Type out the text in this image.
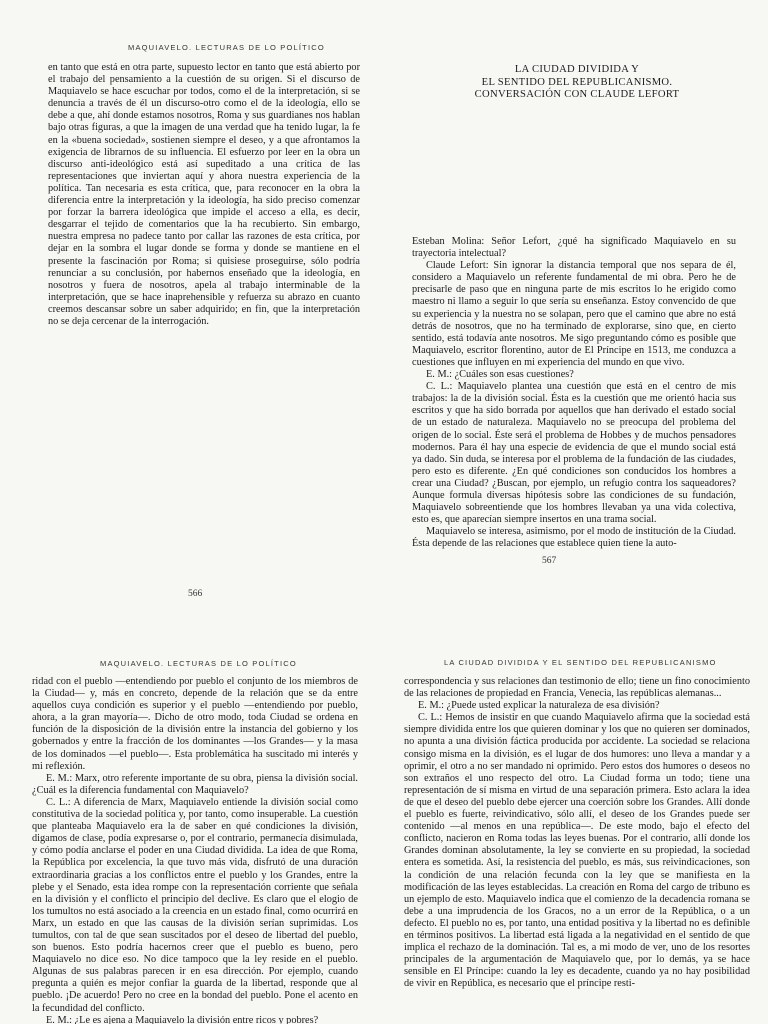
MAQUIAVELO. LECTURAS DE LO POLÍTICO

en tanto que está en otra parte, supuesto lector en tanto que está abierto por el trabajo del pensamiento a la cuestión de su origen. Si el discurso de Maquiavelo se hace escuchar por todos, como el de la interpretación, si se denuncia a través de él un discurso-otro como el de la ideología, ello se debe a que, ahí donde estamos nosotros, Roma y sus guardianes nos hablan bajo otras figuras, a que la imagen de una verdad que ha tenido lugar, la fe en la «buena sociedad», sostienen siempre el deseo, y a que afrontamos la exigencia de librarnos de su influencia. El esfuerzo por leer en la obra un discurso anti-ideológico está así supeditado a una crítica de las representaciones que inviertan aquí y ahora nuestra experiencia de la política. Tan necesaria es esta crítica, que, para reconocer en la obra la diferencia entre la interpretación y la ideología, ha sido preciso comenzar por forzar la barrera ideológica que impide el acceso a ella, es decir, desgarrar el tejido de comentarios que la ha recubierto. Sin embargo, nuestra empresa no padece tanto por callar las razones de esta crítica, por dejar en la sombra el lugar donde se forma y donde se mantiene en el presente la fascinación por Roma; si quisiese proseguirse, sólo podría renunciar a su conclusión, por habernos enseñado que la ideología, en nosotros y fuera de nosotros, apela al trabajo interminable de la interpretación, que se hace inaprehensible y refuerza su abrazo en cuanto creemos descansar sobre un saber adquirido; en fin, que la interpretación no se deja cercenar de la interrogación.

566
LA CIUDAD DIVIDIDA Y
EL SENTIDO DEL REPUBLICANISMO.
CONVERSACIÓN CON CLAUDE LEFORT

Esteban Molina: Señor Lefort, ¿qué ha significado Maquiavelo en su trayectoria intelectual?

Claude Lefort: Sin ignorar la distancia temporal que nos separa de él, considero a Maquiavelo un referente fundamental de mi obra. Pero he de precisarle de paso que en ninguna parte de mis escritos lo he erigido como maestro ni llamo a seguir lo que sería su enseñanza. Estoy convencido de que su experiencia y la nuestra no se solapan, pero que el camino que abre no está detrás de nosotros, que no ha terminado de explorarse, sino que, en cierto sentido, está todavía ante nosotros. Me sigo preguntando cómo es posible que Maquiavelo, escritor florentino, autor de El Príncipe en 1513, me conduzca a cuestiones que influyen en mi experiencia del mundo en que vivo.

E. M.: ¿Cuáles son esas cuestiones?

C. L.: Maquiavelo plantea una cuestión que está en el centro de mis trabajos: la de la división social. Ésta es la cuestión que me orientó hacia sus escritos y que ha sido borrada por aquellos que han derivado el estado social de un estado de naturaleza. Maquiavelo no se preocupa del problema del origen de lo social. Éste será el problema de Hobbes y de muchos pensadores modernos. Para él hay una especie de evidencia de que el mundo social está ya dado. Sin duda, se interesa por el problema de la fundación de las ciudades, pero esto es diferente. ¿En qué condiciones son conducidos los hombres a crear una Ciudad? ¿Buscan, por ejemplo, un refugio contra los saqueadores? Aunque formula diversas hipótesis sobre las condiciones de su fundación, Maquiavelo sobreentiende que los hombres llevaban ya una vida colectiva, esto es, que aparecían siempre insertos en una trama social.

Maquiavelo se interesa, asimismo, por el modo de institución de la Ciudad. Ésta depende de las relaciones que establece quien tiene la auto-

567
MAQUIAVELO. LECTURAS DE LO POLÍTICO

ridad con el pueblo —entendiendo por pueblo el conjunto de los miembros de la Ciudad— y, más en concreto, depende de la relación que se da entre aquellos cuya condición es superior y el pueblo —entendiendo por pueblo, ahora, a la gran mayoría—. Dicho de otro modo, toda Ciudad se ordena en función de la disposición de la división entre la instancia del gobierno y los gobernados y entre la fracción de los dominantes —los Grandes— y la masa de los dominados —el pueblo—. Esta problemática ha suscitado mi interés y mi reflexión.

E. M.: Marx, otro referente importante de su obra, piensa la división social. ¿Cuál es la diferencia fundamental con Maquiavelo?

C. L.: A diferencia de Marx, Maquiavelo entiende la división social como constitutiva de la sociedad política y, por tanto, como insuperable. La cuestión que planteaba Maquiavelo era la de saber en qué condiciones la división, digamos de clase, podía expresarse o, por el contrario, permanecía disimulada, y cómo podía anclarse el poder en una Ciudad dividida. La idea de que Roma, la República por excelencia, la que tuvo más vida, disfrutó de una duración extraordinaria gracias a los conflictos entre el pueblo y los Grandes, entre la plebe y el Senado, esta idea rompe con la representación corriente que señala en la división y el conflicto el principio del declive. Es claro que el elogio de los tumultos no está asociado a la creencia en un estado final, como ocurrirá en Marx, un estado en que las causas de la división serían suprimidas. Los tumultos, con tal de que sean suscitados por el deseo de libertad del pueblo, son buenos. Esto podría hacernos creer que el pueblo es bueno, pero Maquiavelo no dice eso. No dice tampoco que la ley reside en el pueblo. Algunas de sus palabras parecen ir en esa dirección. Por ejemplo, cuando pregunta a quién es mejor confiar la guarda de la libertad, responde que al pueblo. ¡De acuerdo! Pero no cree en la bondad del pueblo. Pone el acento en la fecundidad del conflicto.

E. M.: ¿Le es ajena a Maquiavelo la división entre ricos y pobres?

LA CIUDAD DIVIDIDA Y EL SENTIDO DEL REPUBLICANISMO

correspondencia y sus relaciones dan testimonio de ello; tiene un fino conocimiento de las relaciones de propiedad en Francia, Venecia, las repúblicas alemanas...

E. M.: ¿Puede usted explicar la naturaleza de esa división?

C. L.: Hemos de insistir en que cuando Maquiavelo afirma que la sociedad está siempre dividida entre los que quieren dominar y los que no quieren ser dominados, no apunta a una división fáctica producida por accidente. La sociedad se relaciona consigo misma en la división, es el lugar de dos humores: uno lleva a mandar y a oprimir, el otro a no ser mandado ni oprimido. Pero estos dos humores o deseos no son extraños el uno respecto del otro. La Ciudad forma un todo; tiene una representación de sí misma en virtud de una separación primera. Esto aclara la idea de que el deseo del pueblo debe ejercer una coerción sobre los Grandes. Allí donde el pueblo es fuerte, reivindicativo, sólo allí, el deseo de los Grandes puede ser contenido —al menos en una república—. De este modo, bajo el efecto del conflicto, nacieron en Roma todas las leyes buenas. Por el contrario, allí donde los Grandes dominan absolutamente, la ley se convierte en su propiedad, la sociedad entera es sometida. Así, la resistencia del pueblo, es más, sus reivindicaciones, son la condición de una relación fecunda con la ley que se manifiesta en la modificación de las leyes establecidas. La creación en Roma del cargo de tribuno es un ejemplo de esto. Maquiavelo indica que el comienzo de la decadencia romana se debe a una imprudencia de los Gracos, no a un error de la República, o a un defecto. El pueblo no es, por tanto, una entidad positiva y la libertad no es definible en términos positivos. La libertad está ligada a la negatividad en el sentido de que implica el rechazo de la dominación. Tal es, a mi modo de ver, uno de los resortes principales de la argumentación de Maquiavelo que, por lo demás, ya se hace sensible en El Príncipe: cuando la ley es decadente, cuando ya no hay posibilidad de vivir en República, es necesario que el príncipe resti-
